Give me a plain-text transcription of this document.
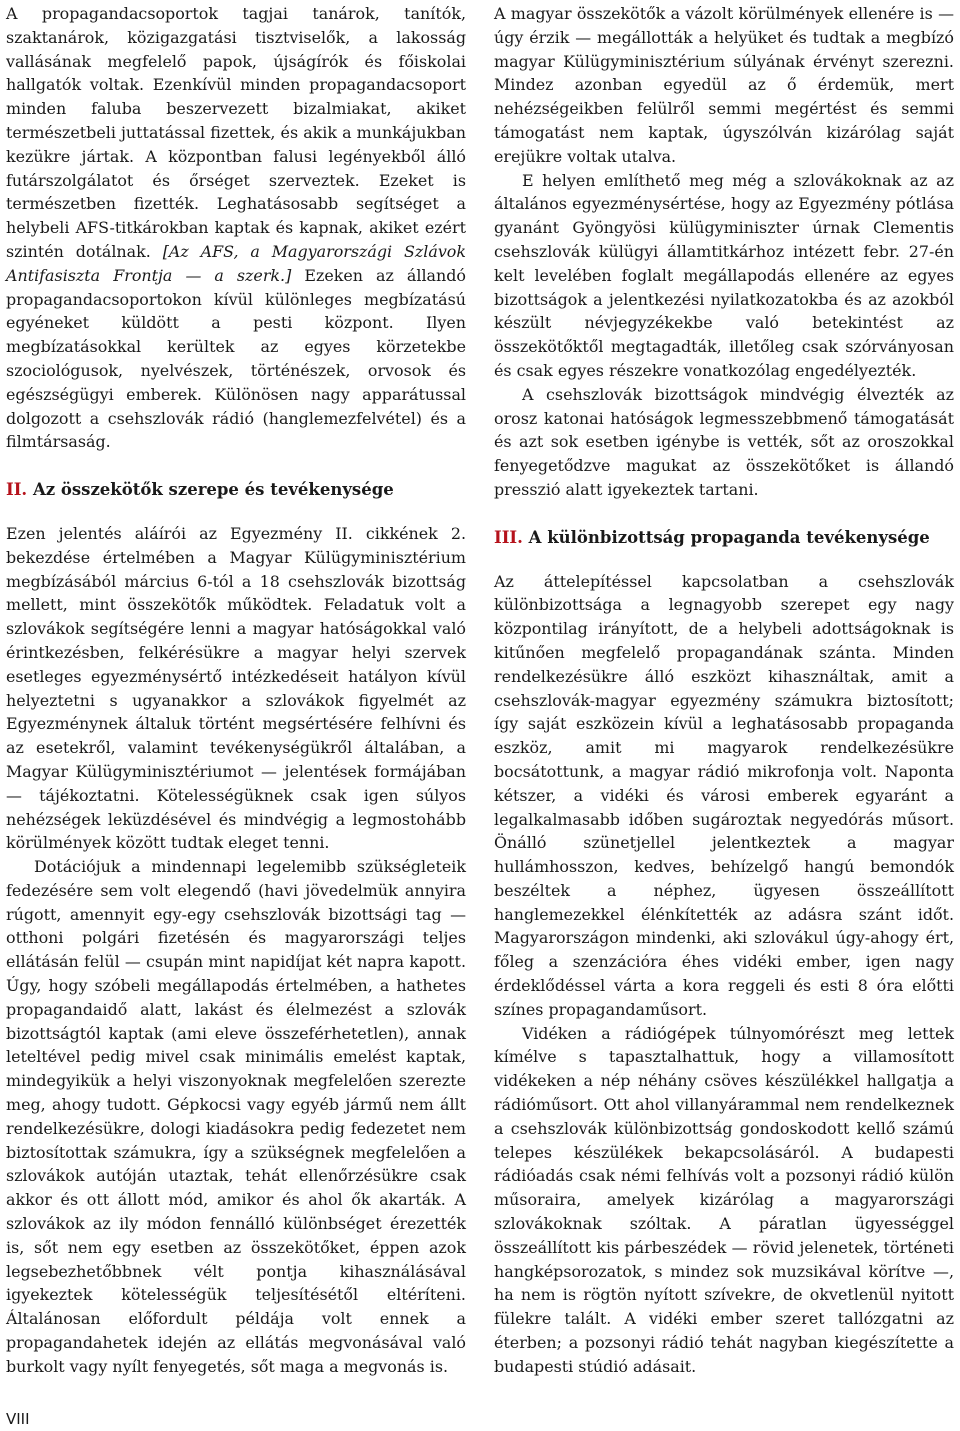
A propagandacsoportok tagjai tanárok, tanítók, szaktanárok, közigazgatási tisztviselők, a lakosság vallásának megfelelő papok, újságírók és főiskolai hallgatók voltak. Ezenkívül minden propagandacsoport minden faluba beszervezett bizalmiakat, akiket természetbeli juttatással fizettek, és akik a munkájukban kezükre jártak. A központban falusi legényekből álló futárszolgálatot és őrséget szerveztek. Ezeket is természetben fizették. Leghatásosabb segítséget a helybeli AFS-titkárokban kaptak és kapnak, akiket ezért szintén dotálnak. [Az AFS, a Magyarországi Szlávok Antifasiszta Frontja — a szerk.] Ezeken az állandó propagandacsoportokon kívül különleges megbízatású egyéneket küldött a pesti központ. Ilyen megbízatásokkal kerültek az egyes körzetekbe szociológusok, nyelvészek, történészek, orvosok és egészségügyi emberek. Különösen nagy apparátussal dolgozott a csehszlovák rádió (hanglemezfelvétel) és a filmtársaság.

II. Az összekötők szerepe és tevékenysége

Ezen jelentés aláírói az Egyezmény II. cikkének 2. bekezdése értelmében a Magyar Külügyminisztérium megbízásából március 6-tól a 18 csehszlovák bizottság mellett, mint összekötők működtek. Feladatuk volt a szlovákok segítségére lenni a magyar hatóságokkal való érintkezésben, felkérésükre a magyar helyi szervek esetleges egyezménysértő intézkedéseit hatályon kívül helyeztetni s ugyanakkor a szlovákok figyelmét az Egyezménynek általuk történt megsértésére felhívni és az esetekről, valamint tevékenységükről általában, a Magyar Külügyminisztériumot — jelentések formájában — tájékoztatni. Kötelességüknek csak igen súlyos nehézségek leküzdésével és mindvégig a legmostohább körülmények között tudtak eleget tenni.

Dotációjuk a mindennapi legelemibb szükségleteik fedezésére sem volt elegendő (havi jövedelmük annyira rúgott, amennyit egy-egy csehszlovák bizottsági tag — otthoni polgári fizetésén és magyarországi teljes ellátásán felül — csupán mint napidíjat két napra kapott. Úgy, hogy szóbeli megállapodás értelmében, a hathetes propagandaidő alatt, lakást és élelmezést a szlovák bizottságtól kaptak (ami eleve összeférhetetlen), annak leteltével pedig mivel csak minimális emelést kaptak, mindegyikük a helyi viszonyoknak megfelelően szerezte meg, ahogy tudott. Gépkocsi vagy egyéb jármű nem állt rendelkezésükre, dologi kiadásokra pedig fedezetet nem biztosítottak számukra, így a szükségnek megfelelően a szlovákok autóján utaztak, tehát ellenőrzésükre csak akkor és ott állott mód, amikor és ahol ők akarták. A szlovákok az ily módon fennálló különbséget érezették is, sőt nem egy esetben az összekötőket, éppen azok legsebezhetőbbnek vélt pontja kihasználásával igyekeztek kötelességük teljesítésétől eltéríteni. Általánosan előfordult példája volt ennek a propagandahetek idején az ellátás megvonásával való burkolt vagy nyílt fenyegetés, sőt maga a megvonás is.

A magyar összekötők a vázolt körülmények ellenére is — úgy érzik — megállották a helyüket és tudtak a megbízó magyar Külügyminisztérium súlyának érvényt szerezni. Mindez azonban egyedül az ő érdemük, mert nehézségeikben felülről semmi megértést és semmi támogatást nem kaptak, úgyszólván kizárólag saját erejükre voltak utalva.

E helyen említhető meg még a szlovákoknak az az általános egyezménysértése, hogy az Egyezmény pótlása gyanánt Gyöngyösi külügyminiszter úrnak Clementis csehszlovák külügyi államtitkárhoz intézett febr. 27-én kelt levelében foglalt megállapodás ellenére az egyes bizottságok a jelentkezési nyilatkozatokba és az azokból készült névjegyzékekbe való betekintést az összekötőktől megtagadták, illetőleg csak szórványosan és csak egyes részekre vonatkozólag engedélyezték.

A csehszlovák bizottságok mindvégig élvezték az orosz katonai hatóságok legmesszebbmenő támogatását és azt sok esetben igénybe is vették, sőt az oroszokkal fenyegetődzve magukat az összekötőket is állandó presszió alatt igyekeztek tartani.

III. A különbizottság propaganda tevékenysége

Az áttelepítéssel kapcsolatban a csehszlovák különbizottsága a legnagyobb szerepet egy nagy központilag irányított, de a helybeli adottságoknak is kitűnően megfelelő propagandának szánta. Minden rendelkezésükre álló eszközt kihasználtak, amit a csehszlovák-magyar egyezmény számukra biztosított; így saját eszközein kívül a leghatásosabb propaganda eszköz, amit mi magyarok rendelkezésükre bocsátottunk, a magyar rádió mikrofonja volt. Naponta kétszer, a vidéki és városi emberek egyaránt a legalkalmasabb időben sugároztak negyedórás műsort. Önálló szünetjellel jelentkeztek a magyar hullámhosszon, kedves, behízelgő hangú bemondók beszéltek a néphez, ügyesen összeállított hanglemezekkel élénkítették az adásra szánt időt. Magyarországon mindenki, aki szlovákul úgy-ahogy ért, főleg a szenzációra éhes vidéki ember, igen nagy érdeklődéssel várta a kora reggeli és esti 8 óra előtti színes propagandaműsort.

Vidéken a rádiógépek túlnyomórészt meg lettek kímélve s tapasztalhattuk, hogy a villamosított vidékeken a nép néhány csöves készülékkel hallgatja a rádióműsort. Ott ahol villanyárammal nem rendelkeznek a csehszlovák különbizottság gondoskodott kellő számú telepes készülékek bekapcsolásáról. A budapesti rádióadás csak némi felhívás volt a pozsonyi rádió külön műsoraira, amelyek kizárólag a magyarországi szlovákoknak szóltak. A páratlan ügyességgel összeállított kis párbeszédek — rövid jelenetek, történeti hangképsorozatok, s mindez sok muzsikával körítve —, ha nem is rögtön nyított szívekre, de okvetlenül nyitott fülekre talált. A vidéki ember szeret tallózgatni az éterben; a pozsonyi rádió tehát nagyban kiegészítette a budapesti stúdió adásait.

VIII
